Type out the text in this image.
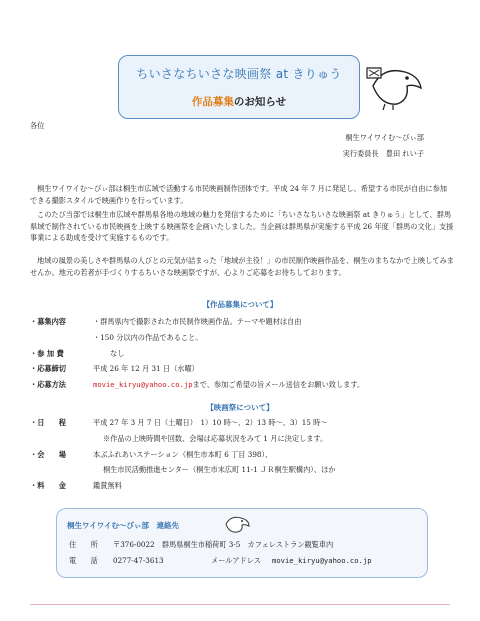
ちいさなちいさな映画祭 at きりゅう
作品募集のお知らせ
各位
桐生ワイワイむ～びぃ部
実行委員長　豊田 れい子
桐生ワイワイむ～びぃ部は桐生市広域で活動する市民映画制作団体です。平成 24 年 7 月に発足し、希望する市民が自由に参加できる撮影スタイルで映画作りを行っています。
このたび当部では桐生市広域や群馬県各地の地域の魅力を発信するために「ちいさなちいさな映画祭 at きりゅう」として、群馬県域で制作されている市民映画を上映する映画祭を企画いたしました。当企画は群馬県が実施する平成 26 年度「群馬の文化」支援事業による助成を受けて実施するものです。
地域の風景の美しさや群馬県の人びとの元気が詰まった「地域が主役！」の市民制作映画作品を、桐生のまちなかで上映してみませんか。地元の若者が手づくりするちいさな映画祭ですが、心よりご応募をお待ちしております。
【作品募集について】
・募集内容	・群馬県内で撮影された市民制作映画作品。テーマや題材は自由
・150 分以内の作品であること。
・参 加 費	なし
・応募締切	平成 26 年 12 月 31 日（水曜）
・応募方法	movie_kiryu@yahoo.co.jpまで、参加ご希望の旨メール送信をお願い致します。
【映画祭について】
・日　　程	平成 27 年 3 月 7 日（土曜日）　1）10 時～、2）13 時～、3）15 時～
※作品の上映時間や回数、会場は応募状況をみて 1 月に決定します。
・会　　場	本ぶふれあいステーション（桐生市本町 6 丁目 398）、
桐生市民活動推進センター（桐生市末広町 11-1 ＪＲ桐生駅構内）、ほか
・料　　金	鑑賞無料
桐生ワイワイむ～びぃ部　連絡先
住　　所 〒376-0022　群馬県桐生市稲荷町 3-5　カフェレストラン観覧車内
電　　話 0277-47-3613	メールアドレス movie_kiryu@yahoo.co.jp
